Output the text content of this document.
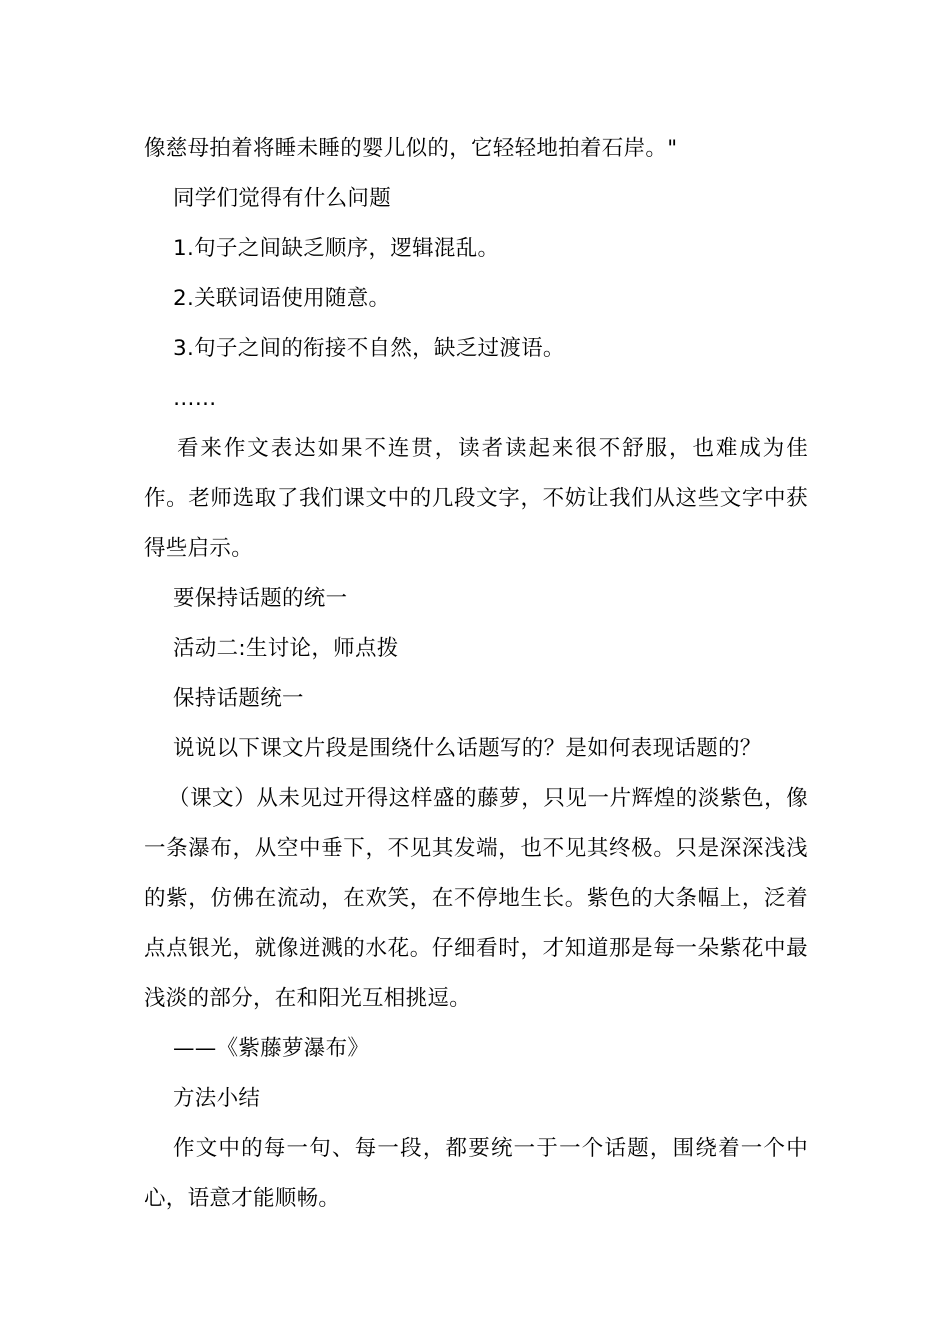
像慈母拍着将睡未睡的婴儿似的，它轻轻地拍着石岸。"

同学们觉得有什么问题

1.句子之间缺乏顺序，逻辑混乱。

2.关联词语使用随意。

3.句子之间的衔接不自然，缺乏过渡语。

……

看来作文表达如果不连贯，读者读起来很不舒服，也难成为佳作。老师选取了我们课文中的几段文字，不妨让我们从这些文字中获得些启示。

要保持话题的统一

活动二:生讨论，师点拨

保持话题统一

说说以下课文片段是围绕什么话题写的？是如何表现话题的？

（课文）从未见过开得这样盛的藤萝，只见一片辉煌的淡紫色，像一条瀑布，从空中垂下，不见其发端，也不见其终极。只是深深浅浅的紫，仿佛在流动，在欢笑，在不停地生长。紫色的大条幅上，泛着点点银光，就像迸溅的水花。仔细看时，才知道那是每一朵紫花中最浅淡的部分，在和阳光互相挑逗。

——《紫藤萝瀑布》

方法小结

作文中的每一句、每一段，都要统一于一个话题，围绕着一个中心，语意才能顺畅。
